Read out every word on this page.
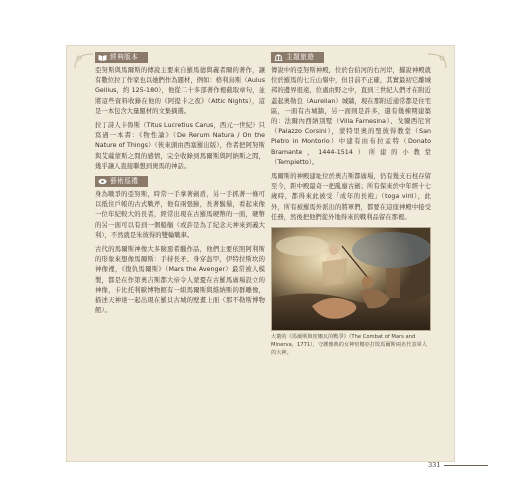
經典版本

亞努斯與馬爾斯的傳說主要來自羅馬德與義者爾的著作，讓有數位拉丁作家也以她們作為題材，例如：格利烏斯（Aulus Gellius，約 125-180），他從二十多部著作裡截取章句，並將這些資料收錄在他的《阿提卡之夜》（Attic Nights），這是一本包含大量題材的文集摘選。

拉丁詩人卡魯斯（Titus Lucretius Carus，西元一世紀）只寫過一本書：《物性論》（De Rerum Natura / On the Nature of Things）（俠來頭由西塞羅出版），作者把阿努斯與艾薩蒙斯之間的感情，完全收錄到馬爾斯與阿納斯之間，幾乎讓人直接聯想到奧馬的神話。

藝術巡禮

身為戰爭的亞努斯，時常一手拿著劍盾，另一手抓著一條可以抵住戶帳的古式戰斧，他有兩張臉，長著鬍鬚，看起來像一位年紀較大的長者，經常出現在古羅馬硬幣的一面，硬幣的另一面可以有到一個船艏（或許是為了紀念天神來到義大利），不然就是朱彼得的雙輪戰車。

古代的馬爾斯神像大多險惡希臘作品，他們主要依照阿利斯的形象來想像馬爾斯：手持長矛、身穿盔甲，伊特拉斯坎的神像裡，《復仇馬爾斯》（Mars the Avenger）最常被人模製，都是在作第奧吉斯都大帝令人蒙憂在古羅馬廣場設立的神像，卡比托利歐博物館有一組馬爾斯與維納斯的群雕像，描述天神達一起出現在羅貝古城的壁畫上面（那不勒斯博物館）。

主題旅遊

傳說中的亞努斯神殿，位於台伯河的右河岸，據說神殿就位於羅馬的七丘山嶺中，但目前不正確，其實最初它離城邦的邊界很遠，位處由野之中，直到三世紀人們才在附近蓋起奧勒良（Aurelian）城牆，現在那附近通常都是住宅區，一面有古城牆，另一面則是許多，還有幾棟期建築的：法爾內西納別墅（Villa Farnesina）、戈爾西尼宮（Palazzo Corsini），蒙特里奧的聖彼得教堂（San Pietro in Montorio）中建有由布拉孟特（Donato Bramante，1444-1514）所建的小教堂（Tempietto）。

馬爾斯的神殿建址位於奧吉斯都廣場，仍有幾支石柱存留至今，距中殿最奇一把亂廢古劍；所有保來於中年經十七歲時，都得來此被受「成年的長袍」（toga viril），此外，所有被羅馬外派出的將軍們，都要在這座神殿中接受任務，然後把他們從外地得來的戰利品留在那裡。

大衛的《馬爾斯與密娜瓦的戰爭》（The Combat of Mars and Minerva，1771），守護雅典的女神密娜亞打敗馬爾斯兩名代表軍人的大神。
331
